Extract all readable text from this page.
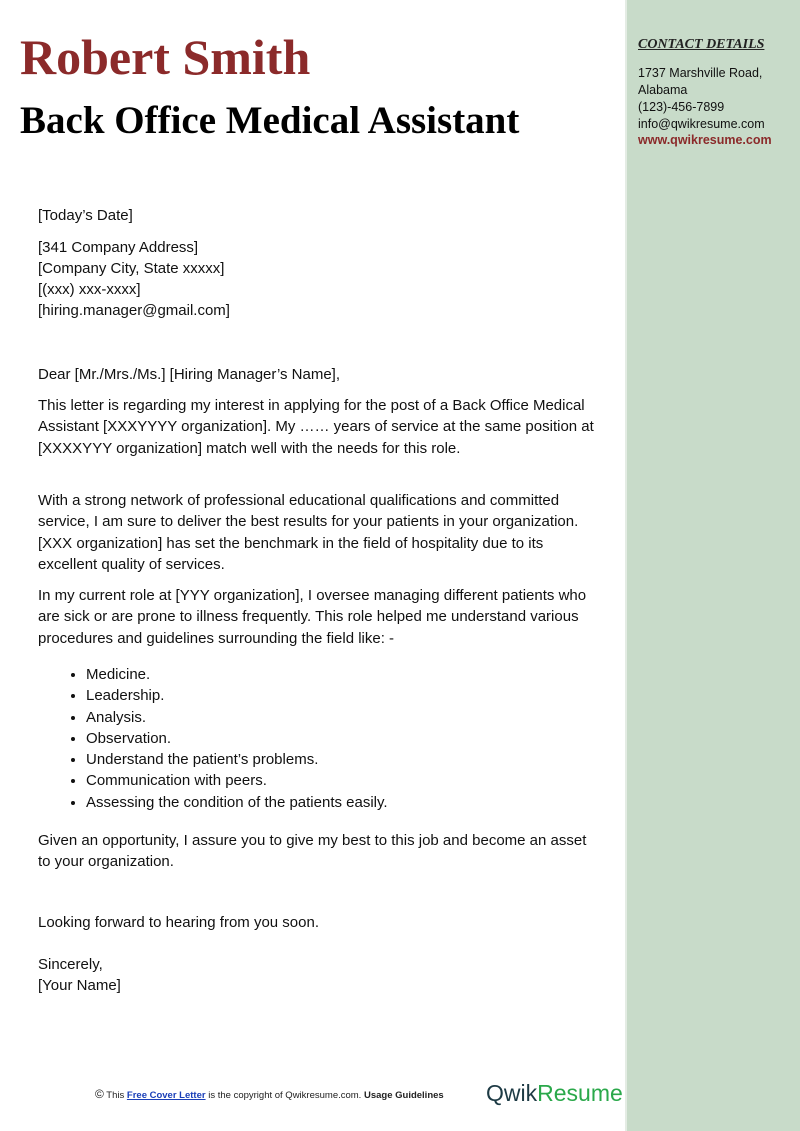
Robert Smith
Back Office Medical Assistant
CONTACT DETAILS
1737 Marshville Road,
Alabama
(123)-456-7899
info@qwikresume.com
www.qwikresume.com
[Today’s Date]
[341 Company Address]
[Company City, State xxxxx]
[(xxx) xxx-xxxx]
[hiring.manager@gmail.com]
Dear [Mr./Mrs./Ms.] [Hiring Manager’s Name],
This letter is regarding my interest in applying for the post of a Back Office Medical Assistant [XXXYYYY organization]. My …… years of service at the same position at [XXXXYYY organization] match well with the needs for this role.
With a strong network of professional educational qualifications and committed service, I am sure to deliver the best results for your patients in your organization. [XXX organization] has set the benchmark in the field of hospitality due to its excellent quality of services.
In my current role at [YYY organization], I oversee managing different patients who are sick or are prone to illness frequently. This role helped me understand various procedures and guidelines surrounding the field like: -
• Medicine.
• Leadership.
• Analysis.
• Observation.
• Understand the patient’s problems.
• Communication with peers.
• Assessing the condition of the patients easily.
Given an opportunity, I assure you to give my best to this job and become an asset to your organization.
Looking forward to hearing from you soon.
Sincerely,
[Your Name]
© This Free Cover Letter is the copyright of Qwikresume.com. Usage Guidelines QwikResume
